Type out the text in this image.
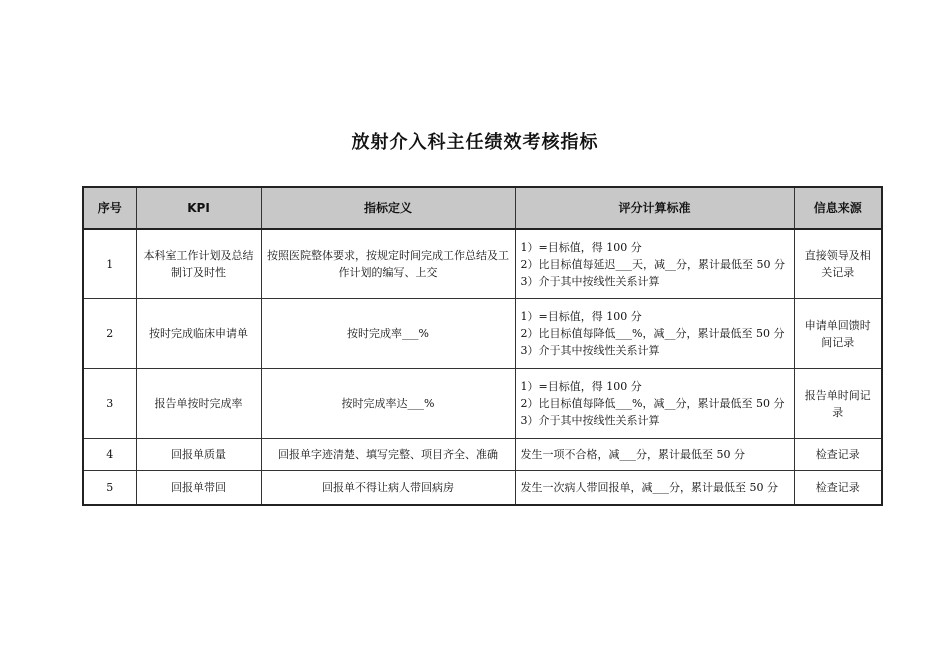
放射介入科主任绩效考核指标
序号	KPI	指标定义	评分计算标准	信息来源
1	本科室工作计划及总结制订及时性	按照医院整体要求，按规定时间完成工作总结及工作计划的编写、上交	1）=目标值，得 100 分
2）比目标值每延迟___天，减__分，累计最低至 50 分
3）介于其中按线性关系计算	直接领导及相关记录
2	按时完成临床申请单	按时完成率___%	1）=目标值，得 100 分
2）比目标值每降低___%，减__分，累计最低至 50 分
3）介于其中按线性关系计算	申请单回馈时间记录
3	报告单按时完成率	按时完成率达___%	1）=目标值，得 100 分
2）比目标值每降低___%，减__分，累计最低至 50 分
3）介于其中按线性关系计算	报告单时间记录
4	回报单质量	回报单字迹清楚、填写完整、项目齐全、准确	发生一项不合格，减___分，累计最低至 50 分	检查记录
5	回报单带回	回报单不得让病人带回病房	发生一次病人带回报单，减___分，累计最低至 50 分	检查记录
